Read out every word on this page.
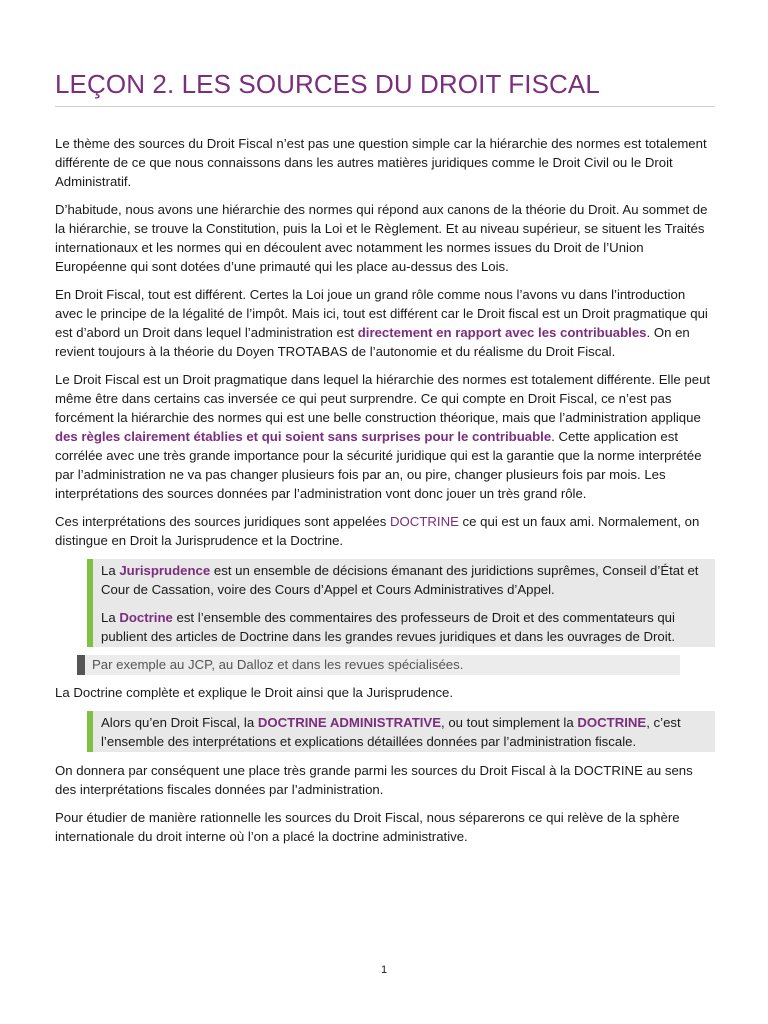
LEÇON 2. LES SOURCES DU DROIT FISCAL

Le thème des sources du Droit Fiscal n’est pas une question simple car la hiérarchie des normes est totalement différente de ce que nous connaissons dans les autres matières juridiques comme le Droit Civil ou le Droit Administratif.

D’habitude, nous avons une hiérarchie des normes qui répond aux canons de la théorie du Droit. Au sommet de la hiérarchie, se trouve la Constitution, puis la Loi et le Règlement. Et au niveau supérieur, se situent les Traités internationaux et les normes qui en découlent avec notamment les normes issues du Droit de l’Union Européenne qui sont dotées d’une primauté qui les place au-dessus des Lois.

En Droit Fiscal, tout est différent. Certes la Loi joue un grand rôle comme nous l’avons vu dans l’introduction avec le principe de la légalité de l’impôt. Mais ici, tout est différent car le Droit fiscal est un Droit pragmatique qui est d’abord un Droit dans lequel l’administration est directement en rapport avec les contribuables. On en revient toujours à la théorie du Doyen TROTABAS de l’autonomie et du réalisme du Droit Fiscal.

Le Droit Fiscal est un Droit pragmatique dans lequel la hiérarchie des normes est totalement différente. Elle peut même être dans certains cas inversée ce qui peut surprendre. Ce qui compte en Droit Fiscal, ce n’est pas forcément la hiérarchie des normes qui est une belle construction théorique, mais que l’administration applique des règles clairement établies et qui soient sans surprises pour le contribuable. Cette application est corrélée avec une très grande importance pour la sécurité juridique qui est la garantie que la norme interprétée par l’administration ne va pas changer plusieurs fois par an, ou pire, changer plusieurs fois par mois. Les interprétations des sources données par l’administration vont donc jouer un très grand rôle.

Ces interprétations des sources juridiques sont appelées DOCTRINE ce qui est un faux ami. Normalement, on distingue en Droit la Jurisprudence et la Doctrine.

La Jurisprudence est un ensemble de décisions émanant des juridictions suprêmes, Conseil d’État et Cour de Cassation, voire des Cours d’Appel et Cours Administratives d’Appel.

La Doctrine est l’ensemble des commentaires des professeurs de Droit et des commentateurs qui publient des articles de Doctrine dans les grandes revues juridiques et dans les ouvrages de Droit.

Par exemple au JCP, au Dalloz et dans les revues spécialisées.

La Doctrine complète et explique le Droit ainsi que la Jurisprudence.

Alors qu’en Droit Fiscal, la DOCTRINE ADMINISTRATIVE, ou tout simplement la DOCTRINE, c’est l’ensemble des interprétations et explications détaillées données par l’administration fiscale.

On donnera par conséquent une place très grande parmi les sources du Droit Fiscal à la DOCTRINE au sens des interprétations fiscales données par l’administration.

Pour étudier de manière rationnelle les sources du Droit Fiscal, nous séparerons ce qui relève de la sphère internationale du droit interne où l’on a placé la doctrine administrative.

1
